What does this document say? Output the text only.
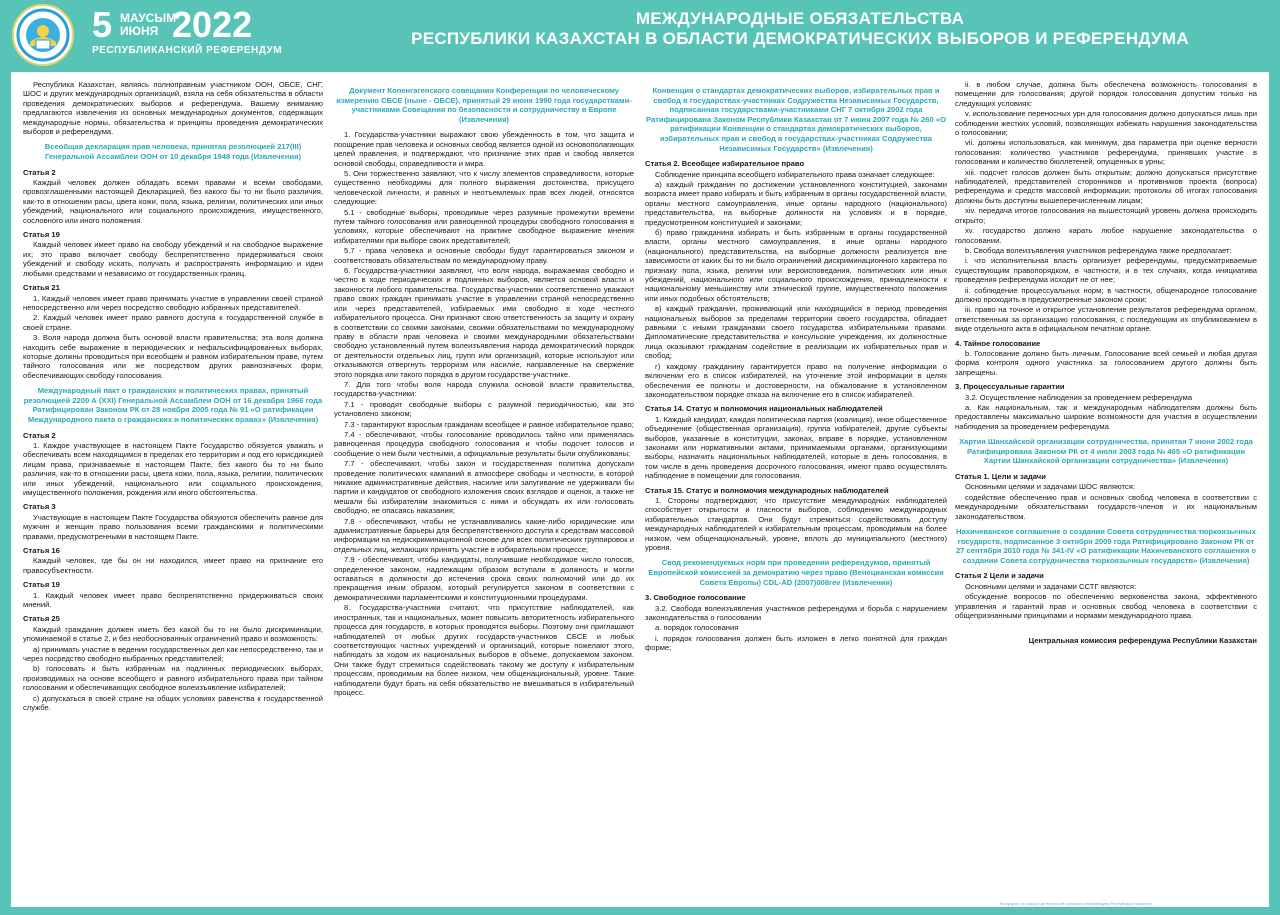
5 МАУСЫМ ИЮНЯ 2022
РЕСПУБЛИКАНСКИЙ РЕФЕРЕНДУМ
МЕЖДУНАРОДНЫЕ ОБЯЗАТЕЛЬСТВА
РЕСПУБЛИКИ КАЗАХСТАН В ОБЛАСТИ ДЕМОКРАТИЧЕСКИХ ВЫБОРОВ И РЕФЕРЕНДУМА

Республика Казахстан, являясь полноправным участником ООН, ОБСЕ, СНГ, ШОС и других международных организаций, взяла на себя обязательства в области проведения демократических выборов и референдума. Вашему вниманию предлагаются извлечения из основных международных документов, содержащих международные нормы, обязательства и принципы проведения демократических выборов и референдума.

Всеобщая декларация прав человека, принятая резолюцией 217(III) Генеральной Ассамблеи ООН от 10 декабря 1948 года (Извлечения)

Статья 2

Каждый человек должен обладать всеми правами и всеми свободами, провозглашенными настоящей Декларацией, без какого бы то ни было различия, как-то в отношении расы, цвета кожи, пола, языка, религии, политических или иных убеждений, национального или социального происхождения, имущественного, сословного или иного положения.

Статья 19

Каждый человек имеет право на свободу убеждений и на свободное выражение их; это право включает свободу беспрепятственно придерживаться своих убеждений и свободу искать, получать и распространять информацию и идеи любыми средствами и независимо от государственных границ.

Статья 21

1. Каждый человек имеет право принимать участие в управлении своей страной непосредственно или через посредство свободно избранных представителей.

2. Каждый человек имеет право равного доступа к государственной службе в своей стране.

3. Воля народа должна быть основой власти правительства; эта воля должна находить себе выражение в периодических и нефальсифицированных выборах, которые должны проводиться при всеобщем и равном избирательном праве, путем тайного голосования или же посредством других равнозначных форм, обеспечивающих свободу голосования.

Международный пакт о гражданских и политических правах, принятый резолюцией 2200 А (XXI) Генеральной Ассамблеи ООН от 16 декабря 1966 года Ратифицирован Законом РК от 28 ноября 2005 года № 91 «О ратификации Международного пакта о гражданских и политических правах» (Извлечения)

Статья 2

1. Каждое участвующее в настоящем Пакте Государство обязуется уважать и обеспечивать всем находящимся в пределах его территории и под его юрисдикцией лицам права, признаваемые в настоящем Пакте, без какого бы то ни было различия, как-то в отношении расы, цвета кожи, пола, языка, религии, политических или иных убеждений, национального или социального происхождения, имущественного положения, рождения или иного обстоятельства.

Статья 3

Участвующие в настоящем Пакте Государства обязуются обеспечить равное для мужчин и женщин право пользования всеми гражданскими и политическими правами, предусмотренными в настоящем Пакте.

Статья 16

Каждый человек, где бы он ни находился, имеет право на признание его правосубъектности.

Статья 19

1. Каждый человек имеет право беспрепятственно придерживаться своих мнений.

Статья 25

Каждый гражданин должен иметь без какой бы то ни было дискриминации, упоминаемой в статье 2, и без необоснованных ограничений право и возможность:

a) принимать участие в ведении государственных дел как непосредственно, так и через посредство свободно выбранных представителей;

b) голосовать и быть избранным на подлинных периодических выборах, производимых на основе всеобщего и равного избирательного права при тайном голосовании и обеспечивающих свободное волеизъявление избирателей;

c) допускаться в своей стране на общих условиях равенства к государственной службе.

Документ Копенгагенского совещания Конференции по человеческому измерению СБСЕ (ныне - ОБСЕ), принятый 29 июня 1990 года государствами-участниками Совещания по безопасности и сотрудничеству в Европе (Извлечения)

1. Государства-участники выражают свою убежденность в том, что защита и поощрение прав человека и основных свобод является одной из основополагающих целей правления, и подтверждают, что признание этих прав и свобод является основой свободы, справедливости и мира.

5. Они торжественно заявляют, что к числу элементов справедливости, которые существенно необходимы для полного выражения достоинства, присущего человеческой личности, и равных и неотъемлемых прав всех людей, относятся следующие:

5.1 - свободные выборы, проводимые через разумные промежутки времени путем тайного голосования или равноценной процедуры свободного голосования в условиях, которые обеспечивают на практике свободное выражение мнения избирателями при выборе своих представителей;

5.7 - права человека и основные свободы будут гарантироваться законом и соответствовать обязательствам по международному праву.

6. Государства-участники заявляют, что воля народа, выражаемая свободно и честно в ходе периодических и подлинных выборов, является основой власти и законности любого правительства. Государства-участники соответственно уважают право своих граждан принимать участие в управлении страной непосредственно или через представителей, избираемых ими свободно в ходе честного избирательного процесса. Они признают свою ответственность за защиту и охрану в соответствии со своими законами, своими обязательствами по международному праву в области прав человека и своими международными обязательствами свободно установленный путем волеизъявления народа демократический порядок от деятельности отдельных лиц, групп или организаций, которые используют или отказываются отвергнуть терроризм или насилие, направленные на свержение этого порядка или такого порядка в другом государстве-участнике.

7. Для того чтобы воля народа служила основой власти правительства, государства-участники:

7.1 - проводят свободные выборы с разумной периодичностью, как это установлено законом;

7.3 - гарантируют взрослым гражданам всеобщее и равное избирательное право;

7.4 - обеспечивают, чтобы голосование проводилось тайно или применялась равноценная процедура свободного голосования и чтобы подсчет голосов и сообщение о нем были честными, а официальные результаты были опубликованы;

7.7 - обеспечивают, чтобы закон и государственная политика допускали проведение политических кампаний в атмосфере свободы и честности, в которой никакие административные действия, насилие или запугивание не удерживали бы партии и кандидатов от свободного изложения своих взглядов и оценок, а также не мешали бы избирателям знакомиться с ними и обсуждать их или голосовать свободно, не опасаясь наказания;

7.8 - обеспечивают, чтобы не устанавливались какие-либо юридические или административные барьеры для беспрепятственного доступа к средствам массовой информации на недискриминационной основе для всех политических группировок и отдельных лиц, желающих принять участие в избирательном процессе;

7.9 - обеспечивают, чтобы кандидаты, получившие необходимое число голосов, определенное законом, надлежащим образом вступали в должность и могли оставаться в должности до истечения срока своих полномочий или до их прекращения иным образом, который регулируется законом в соответствии с демократическими парламентскими и конституционными процедурами.

8. Государства-участники считают, что присутствие наблюдателей, как иностранных, так и национальных, может повысить авторитетность избирательного процесса для государств, в которых проводятся выборы. Поэтому они приглашают наблюдателей от любых других государств-участников СБСЕ и любых соответствующих частных учреждений и организаций, которые пожелают этого, наблюдать за ходом их национальных выборов в объеме, допускаемом законом. Они также будут стремиться содействовать такому же доступу к избирательным процессам, проводимым на более низком, чем общенациональный, уровне. Такие наблюдатели будут брать на себя обязательство не вмешиваться в избирательный процесс.

Конвенция о стандартах демократических выборов, избирательных прав и свобод в государствах-участниках Содружества Независимых Государств, подписанная государствами-участниками СНГ 7 октября 2002 года Ратифицирована Законом Республики Казахстан от 7 июня 2007 года № 260 «О ратификации Конвенции о стандартах демократических выборов, избирательных прав и свобод в государствах-участниках Содружества Независимых Государств» (Извлечения)

Статья 2. Всеобщее избирательное право

Соблюдение принципа всеобщего избирательного права означает следующее:

а) каждый гражданин по достижении установленного конституцией, законами возраста имеет право избирать и быть избранным в органы государственной власти, органы местного самоуправления, иные органы народного (национального) представительства, на выборные должности на условиях и в порядке, предусмотренном конституцией и законами;

б) право гражданина избирать и быть избранным в органы государственной власти, органы местного самоуправления, в иные органы народного (национального) представительства, на выборные должности реализуется вне зависимости от каких бы то ни было ограничений дискриминационного характера по признаку пола, языка, религии или вероисповедания, политических или иных убеждений, национального или социального происхождения, принадлежности к национальному меньшинству или этнической группе, имущественного положения или иных подобных обстоятельств;

в) каждый гражданин, проживающий или находящийся в период проведения национальных выборов за пределами территории своего государства, обладает равными с иными гражданами своего государства избирательными правами. Дипломатические представительства и консульские учреждения, их должностные лица оказывают гражданам содействие в реализации их избирательных прав и свобод;

г) каждому гражданину гарантируется право на получение информации о включении его в список избирателей, на уточнение этой информации в целях обеспечения ее полноты и достоверности, на обжалование в установленном законодательством порядке отказа на включение его в список избирателей.

Статья 14. Статус и полномочия национальных наблюдателей

1. Каждый кандидат, каждая политическая партия (коалиция), иное общественное объединение (общественная организация), группа избирателей, другие субъекты выборов, указанные в конституции, законах, вправе в порядке, установленном законами или нормативными актами, принимаемыми органами, организующими выборы, назначить национальных наблюдателей, которые в день голосования, в том числе в день проведения досрочного голосования, имеют право осуществлять наблюдение в помещении для голосования.

Статья 15. Статус и полномочия международных наблюдателей

1. Стороны подтверждают, что присутствие международных наблюдателей способствует открытости и гласности выборов, соблюдению международных избирательных стандартов. Они будут стремиться содействовать доступу международных наблюдателей к избирательным процессам, проводимым на более низком, чем общенациональный, уровне, вплоть до муниципального (местного) уровня.

Свод рекомендуемых норм при проведении референдумов, принятый Европейской комиссией за демократию через право (Венецианская комиссия Совета Европы) CDL-AD (2007)008rev (Извлечения)

3. Свободное голосование

3.2. Свобода волеизъявления участников референдума и борьба с нарушением законодательства о голосовании

а. порядок голосования

i. порядок голосования должен быть изложен в легко понятной для граждан форме;

ii. в любом случае, должна быть обеспечена возможность голосования в помещении для голосования; другой порядок голосования допустим только на следующих условиях:

v. использование переносных урн для голосования должно допускаться лишь при соблюдении жестких условий, позволяющих избежать нарушения законодательства о голосовании;

vii. должны использоваться, как минимум, два параметра при оценке верности голосования: количество участников референдума, принявших участие в голосовании и количество бюллетеней, опущенных в урны;

xiii. подсчет голосов должен быть открытым; должно допускаться присутствие наблюдателей, представителей сторонников и противников проекта (вопроса) референдума и средств массовой информации; протоколы об итогах голосования должны быть доступны вышеперечисленным лицам;

xiv. передача итогов голосования на вышестоящий уровень должна происходить открыто;

xv. государство должно карать любое нарушение законодательства о голосовании.

b. Свобода волеизъявления участников референдума также предполагает:

i. что исполнительная власть организует референдумы, предусматриваемые существующим правопорядком, в частности, и в тех случаях, когда инициатива проведения референдума исходит не от нее;

ii. соблюдение процессуальных норм; в частности, общенародное голосование должно проходить в предусмотренные законом сроки;

iii. право на точное и открытое установление результатов референдума органом, ответственным за организацию голосования, с последующим их опубликованием в виде отдельного акта в официальном печатном органе.

4. Тайное голосование

b. Голосование должно быть личным. Голосование всей семьей и любая другая форма контроля одного участника за голосованием другого должны быть запрещены.

3. Процессуальные гарантии

3.2. Осуществление наблюдения за проведением референдума

а. Как национальным, так и международным наблюдателям должны быть предоставлены максимально широкие возможности для участия в осуществлении наблюдения за проведением референдума.

Хартия Шанхайской организации сотрудничества, принятая 7 июня 2002 года Ратифицирована Законом РК от 4 июля 2003 года № 465 «О ратификации Хартии Шанхайской организации сотрудничества» (Извлечения)

Статья 1. Цели и задачи

Основными целями и задачами ШОС являются:

содействие обеспечению прав и основных свобод человека в соответствии с международными обязательствами государств-членов и их национальным законодательством.

Нахичеванское соглашение о создании Совета сотрудничества тюркоязычных государств, подписанное 3 октября 2009 года Ратифицировано Законом РК от 27 сентября 2010 года № 341-IV «О ратификации Нахичеванского соглашения о создании Совета сотрудничества тюркоязычных государств» (Извлечения)

Статья 2 Цели и задачи

Основными целями и задачами ССТГ являются:

обсуждение вопросов по обеспечению верховенства закона, эффективного управления и гарантий прав и основных свобод человека в соответствии с общепризнанными принципами и нормами международного права.

Центральная комиссия референдума Республики Казахстан

Выпущено по заказу Центральной комиссии референдума Республики Казахстан
